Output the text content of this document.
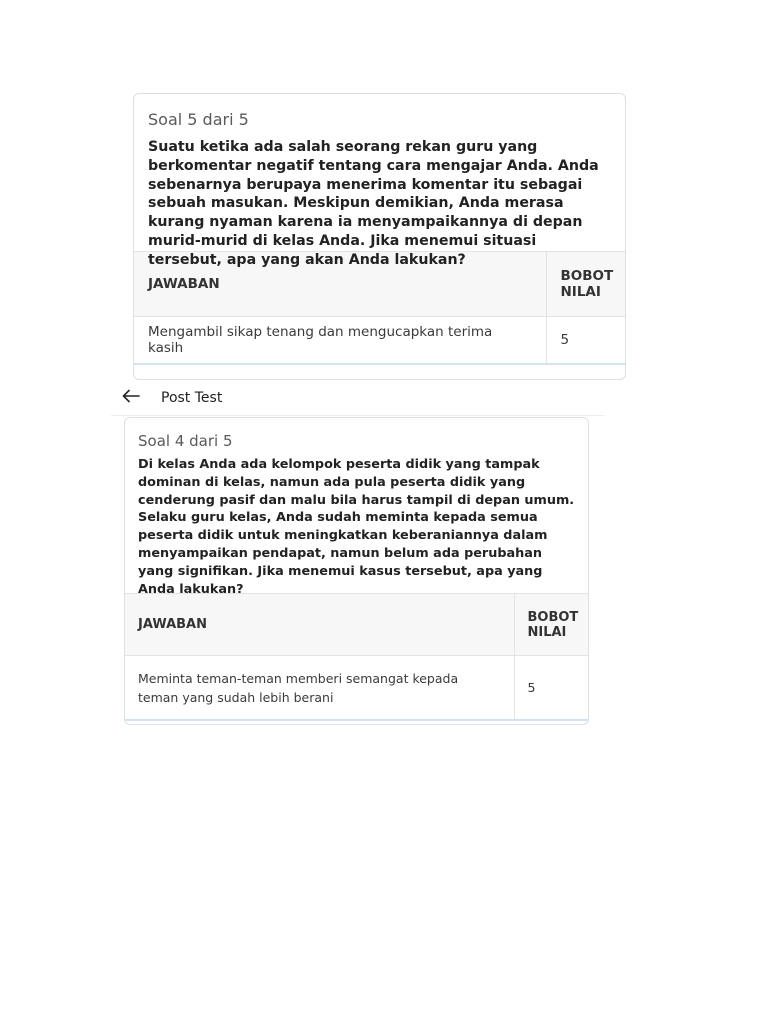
Soal 5 dari 5
Suatu ketika ada salah seorang rekan guru yang berkomentar negatif tentang cara mengajar Anda. Anda sebenarnya berupaya menerima komentar itu sebagai sebuah masukan. Meskipun demikian, Anda merasa kurang nyaman karena ia menyampaikannya di depan murid-murid di kelas Anda. Jika menemui situasi tersebut, apa yang akan Anda lakukan?
JAWABAN	BOBOT NILAI
Mengambil sikap tenang dan mengucapkan terima kasih	5
Post Test
Soal 4 dari 5
Di kelas Anda ada kelompok peserta didik yang tampak dominan di kelas, namun ada pula peserta didik yang cenderung pasif dan malu bila harus tampil di depan umum. Selaku guru kelas, Anda sudah meminta kepada semua peserta didik untuk meningkatkan keberaniannya dalam menyampaikan pendapat, namun belum ada perubahan yang signifikan. Jika menemui kasus tersebut, apa yang Anda lakukan?
JAWABAN	BOBOT NILAI
Meminta teman-teman memberi semangat kepada teman yang sudah lebih berani	5
